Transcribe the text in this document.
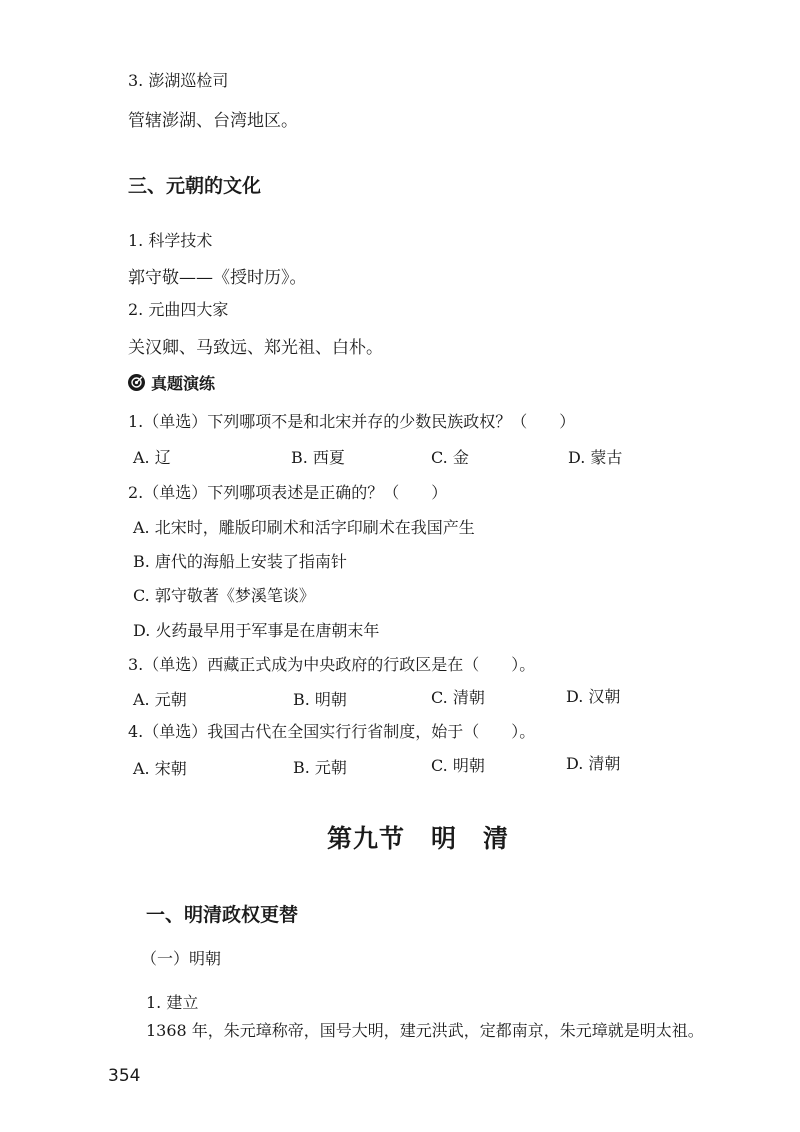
3. 澎湖巡检司
管辖澎湖、台湾地区。
三、元朝的文化
1. 科学技术
郭守敬——《授时历》。
2. 元曲四大家
关汉卿、马致远、郑光祖、白朴。
真题演练
1.（单选）下列哪项不是和北宋并存的少数民族政权？（　　）
A. 辽	B. 西夏	C. 金	D. 蒙古
2.（单选）下列哪项表述是正确的？（　　）
A. 北宋时，雕版印刷术和活字印刷术在我国产生
B. 唐代的海船上安装了指南针
C. 郭守敬著《梦溪笔谈》
D. 火药最早用于军事是在唐朝末年
3.（单选）西藏正式成为中央政府的行政区是在（　　）。
A. 元朝	B. 明朝	C. 清朝	D. 汉朝
4.（单选）我国古代在全国实行行省制度，始于（　　）。
A. 宋朝	B. 元朝	C. 明朝	D. 清朝
第九节　明　清
一、明清政权更替
（一）明朝
1. 建立
1368 年，朱元璋称帝，国号大明，建元洪武，定都南京，朱元璋就是明太祖。
354
